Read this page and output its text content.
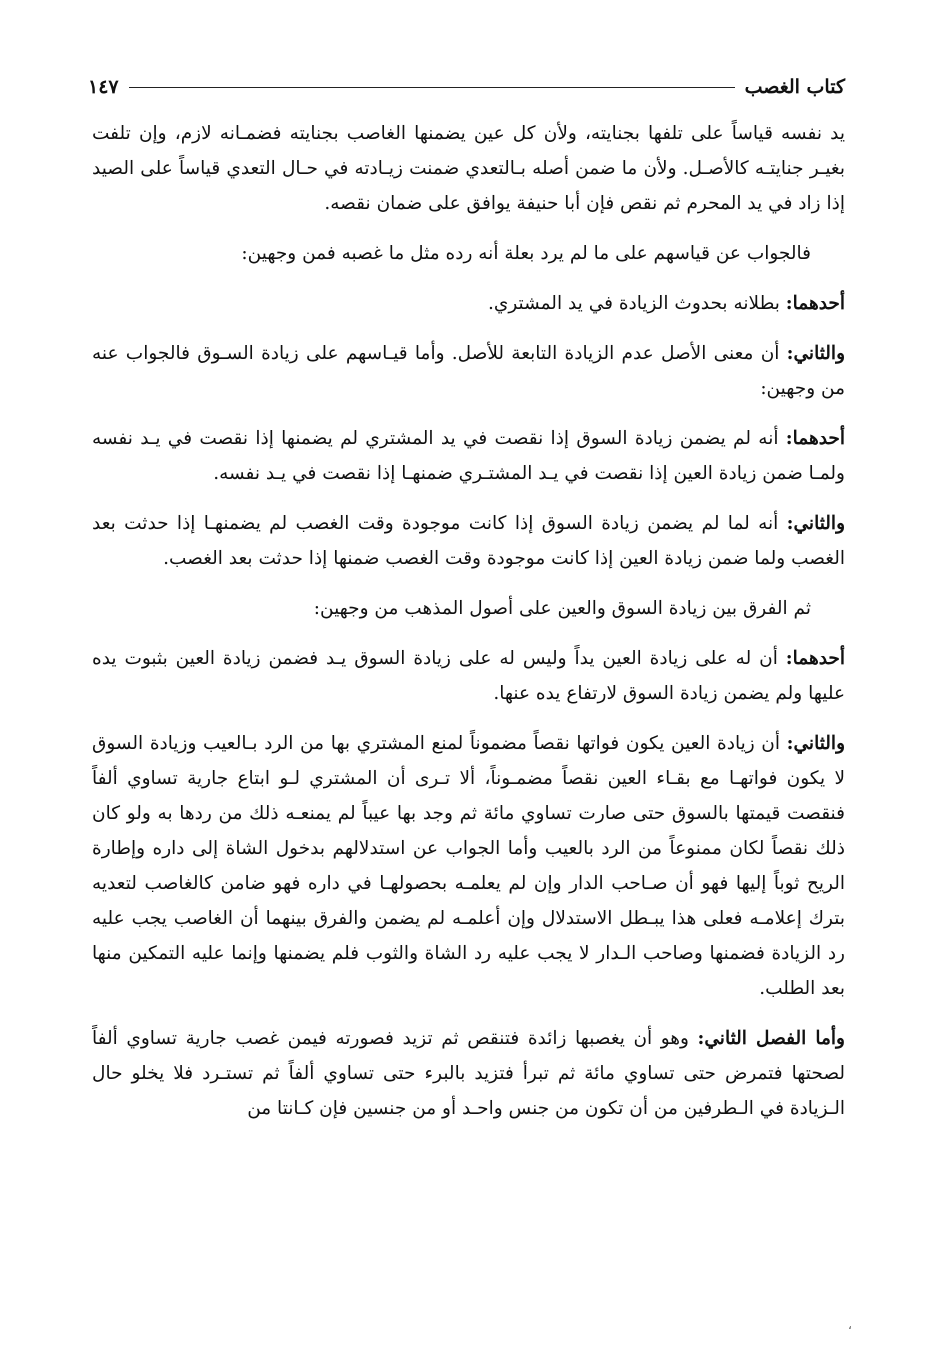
كتاب الغصب
١٤٧

يد نفسه قياساً على تلفها بجنايته، ولأن كل عين يضمنها الغاصب بجنايته فضمـانه لازم، وإن تلفت بغيـر جنايتـه كالأصـل. ولأن ما ضمن أصله بـالتعدي ضمنت زيـادته في حـال التعدي قياساً على الصيد إذا زاد في يد المحرم ثم نقص فإن أبا حنيفة يوافق على ضمان نقصه.

فالجواب عن قياسهم على ما لم يرد بعلة أنه رده مثل ما غصبه فمن وجهين:

أحدهما: بطلانه بحدوث الزيادة في يد المشتري.

والثاني: أن معنى الأصل عدم الزيادة التابعة للأصل. وأما قيـاسهم على زيادة السـوق فالجواب عنه من وجهين:

أحدهما: أنه لم يضمن زيادة السوق إذا نقصت في يد المشتري لم يضمنها إذا نقصت في يـد نفسه ولمـا ضمن زيادة العين إذا نقصت في يـد المشتـري ضمنهـا إذا نقصت في يـد نفسه.

والثاني: أنه لما لم يضمن زيادة السوق إذا كانت موجودة وقت الغصب لم يضمنهـا إذا حدثت بعد الغصب ولما ضمن زيادة العين إذا كانت موجودة وقت الغصب ضمنها إذا حدثت بعد الغصب.

ثم الفرق بين زيادة السوق والعين على أصول المذهب من وجهين:

أحدهما: أن له على زيادة العين يداً وليس له على زيادة السوق يـد فضمن زيادة العين بثبوت يده عليها ولم يضمن زيادة السوق لارتفاع يده عنها.

والثاني: أن زيادة العين يكون فواتها نقصاً مضموناً لمنع المشتري بها من الرد بـالعيب وزيادة السوق لا يكون فواتهـا مع بقـاء العين نقصاً مضمـوناً، ألا تـرى أن المشتري لـو ابتاع جارية تساوي ألفاً فنقصت قيمتها بالسوق حتى صارت تساوي مائة ثم وجد بها عيباً لم يمنعـه ذلك من ردها به ولو كان ذلك نقصاً لكان ممنوعاً من الرد بالعيب وأما الجواب عن استدلالهم بدخول الشاة إلى داره وإطارة الريح ثوباً إليها فهو أن صـاحب الدار وإن لم يعلمـه بحصولهـا في داره فهو ضامن كالغاصب لتعديه بترك إعلامـه فعلى هذا يبـطل الاستدلال وإن أعلمـه لم يضمن والفرق بينهما أن الغاصب يجب عليه رد الزيادة فضمنها وصاحب الـدار لا يجب عليه رد الشاة والثوب فلم يضمنها وإنما عليه التمكين منها بعد الطلب.

وأما الفصل الثاني: وهو أن يغصبها زائدة فتنقص ثم تزيد فصورته فيمن غصب جارية تساوي ألفاً لصحتها فتمرض حتى تساوي مائة ثم تبرأ فتزيد بالبرء حتى تساوي ألفاً ثم تستـرد فلا يخلو حال الـزيادة في الـطرفين من أن تكون من جنس واحـد أو من جنسين فإن كـانتا من

،
